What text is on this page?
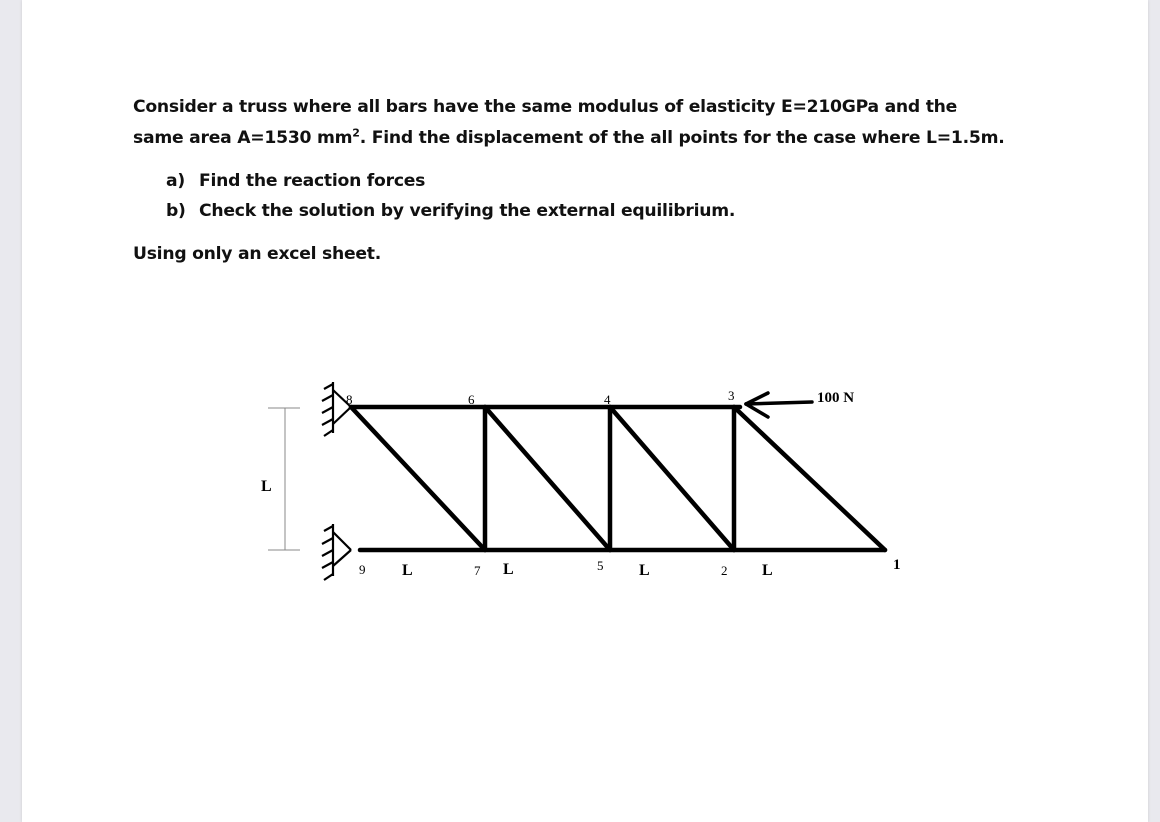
Consider a truss where all bars have the same modulus of elasticity E=210GPa and the same area A=1530 $mm^2$. Find the displacement of the all points for the case where L=1.5m.

a) Find the reaction forces
b) Check the solution by verifying the external equilibrium.

Using only an excel sheet.

8	6	4	3
9	7	5	2	1
L	L	L	L
L
100 N
